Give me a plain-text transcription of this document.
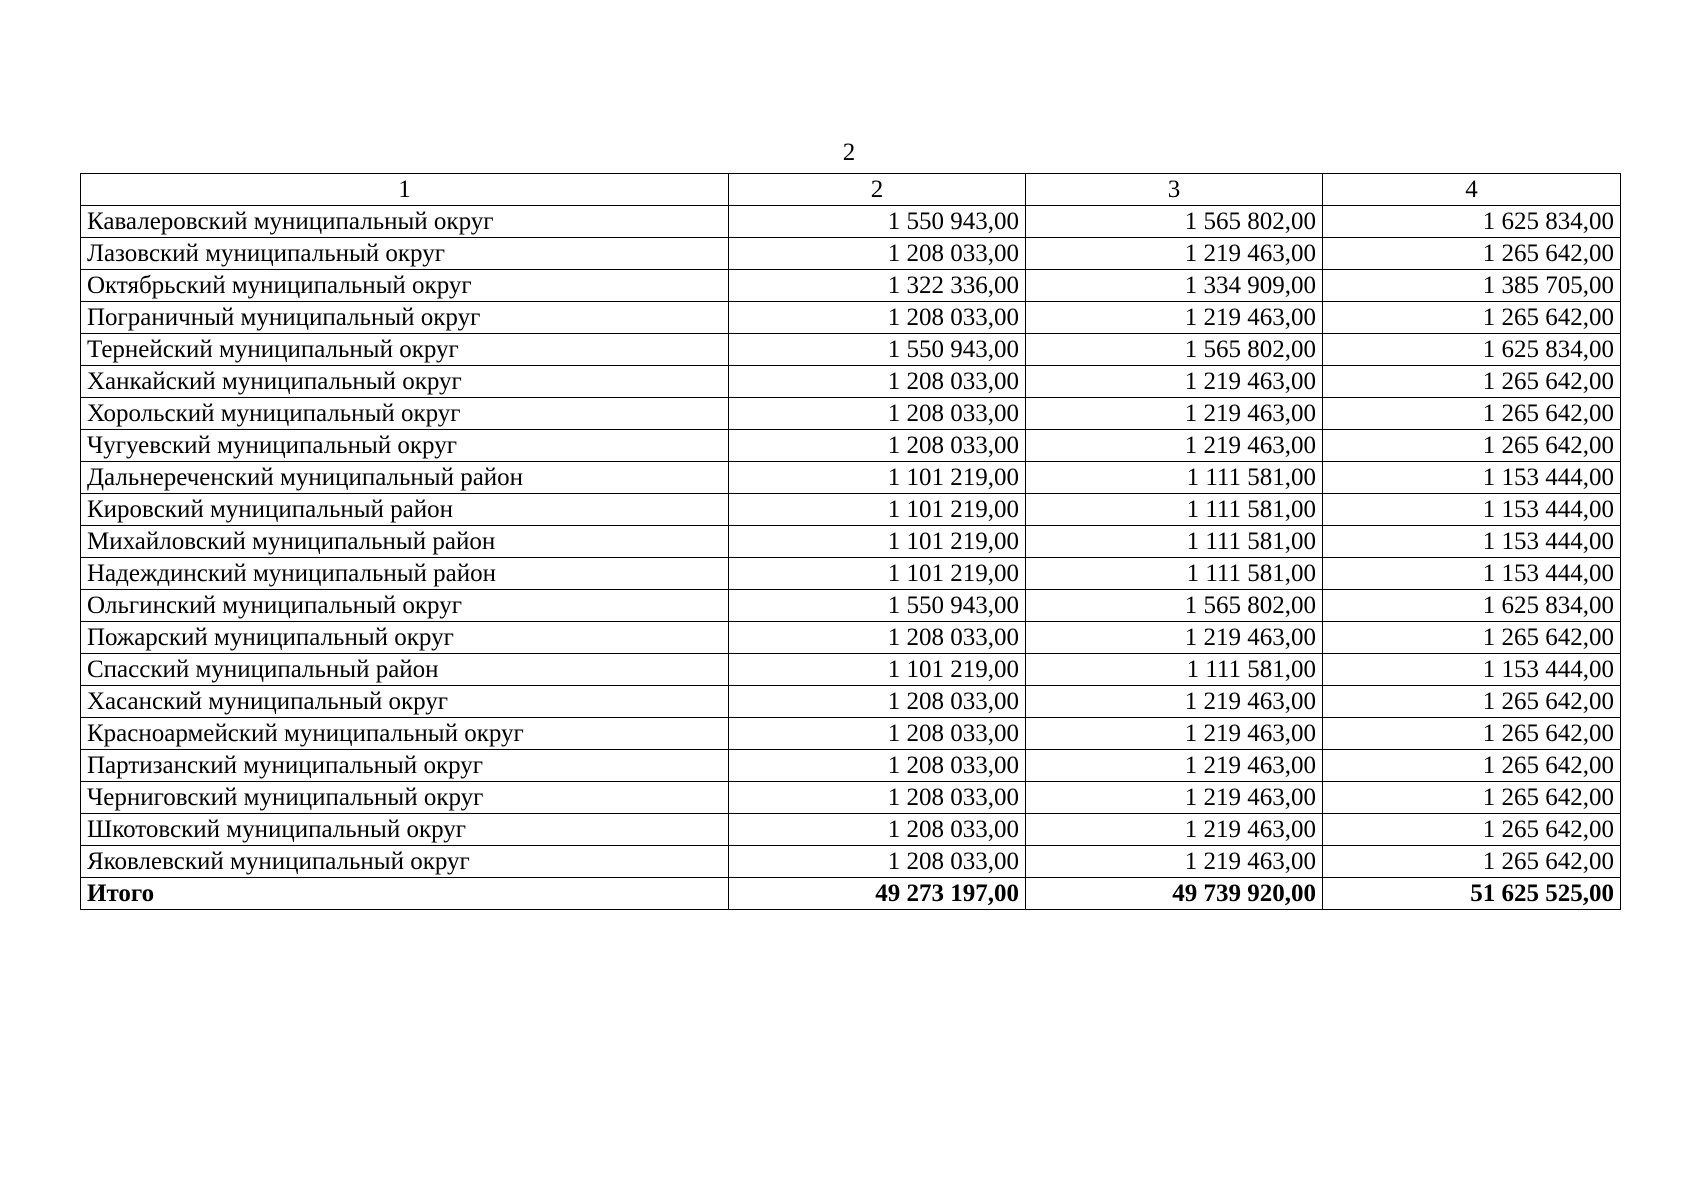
2
1	2	3	4
Кавалеровский муниципальный округ	1 550 943,00	1 565 802,00	1 625 834,00
Лазовский муниципальный округ	1 208 033,00	1 219 463,00	1 265 642,00
Октябрьский муниципальный округ	1 322 336,00	1 334 909,00	1 385 705,00
Пограничный муниципальный округ	1 208 033,00	1 219 463,00	1 265 642,00
Тернейский муниципальный округ	1 550 943,00	1 565 802,00	1 625 834,00
Ханкайский муниципальный округ	1 208 033,00	1 219 463,00	1 265 642,00
Хорольский муниципальный округ	1 208 033,00	1 219 463,00	1 265 642,00
Чугуевский муниципальный округ	1 208 033,00	1 219 463,00	1 265 642,00
Дальнереченский муниципальный район	1 101 219,00	1 111 581,00	1 153 444,00
Кировский муниципальный район	1 101 219,00	1 111 581,00	1 153 444,00
Михайловский муниципальный район	1 101 219,00	1 111 581,00	1 153 444,00
Надеждинский муниципальный район	1 101 219,00	1 111 581,00	1 153 444,00
Ольгинский муниципальный округ	1 550 943,00	1 565 802,00	1 625 834,00
Пожарский муниципальный округ	1 208 033,00	1 219 463,00	1 265 642,00
Спасский муниципальный район	1 101 219,00	1 111 581,00	1 153 444,00
Хасанский муниципальный округ	1 208 033,00	1 219 463,00	1 265 642,00
Красноармейский муниципальный округ	1 208 033,00	1 219 463,00	1 265 642,00
Партизанский муниципальный округ	1 208 033,00	1 219 463,00	1 265 642,00
Черниговский муниципальный округ	1 208 033,00	1 219 463,00	1 265 642,00
Шкотовский муниципальный округ	1 208 033,00	1 219 463,00	1 265 642,00
Яковлевский муниципальный округ	1 208 033,00	1 219 463,00	1 265 642,00
Итого	49 273 197,00	49 739 920,00	51 625 525,00
